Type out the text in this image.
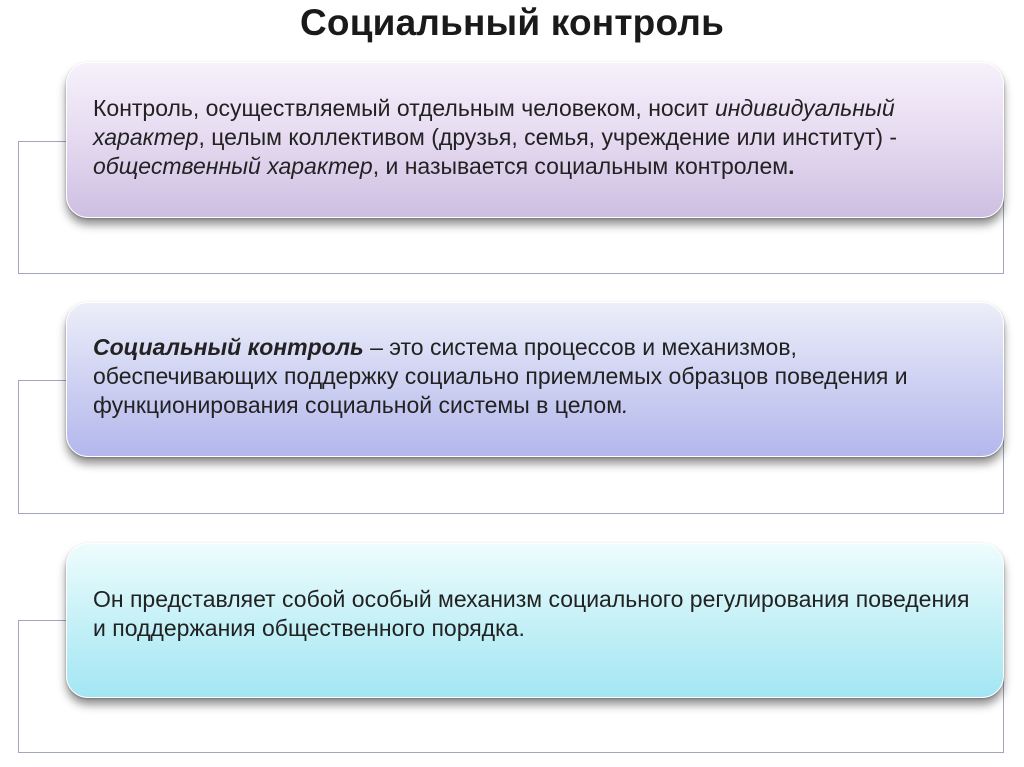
Социальный контроль
Контроль, осуществляемый отдельным человеком, носит индивидуальный характер, целым коллективом (друзья, семья, учреждение или институт) - общественный характер, и называется социальным контролем.
Социальный контроль – это система процессов и механизмов, обеспечивающих поддержку социально приемлемых образцов поведения и функционирования социальной системы в целом.
Он представляет собой особый механизм социального регулирования поведения и поддержания общественного порядка.
